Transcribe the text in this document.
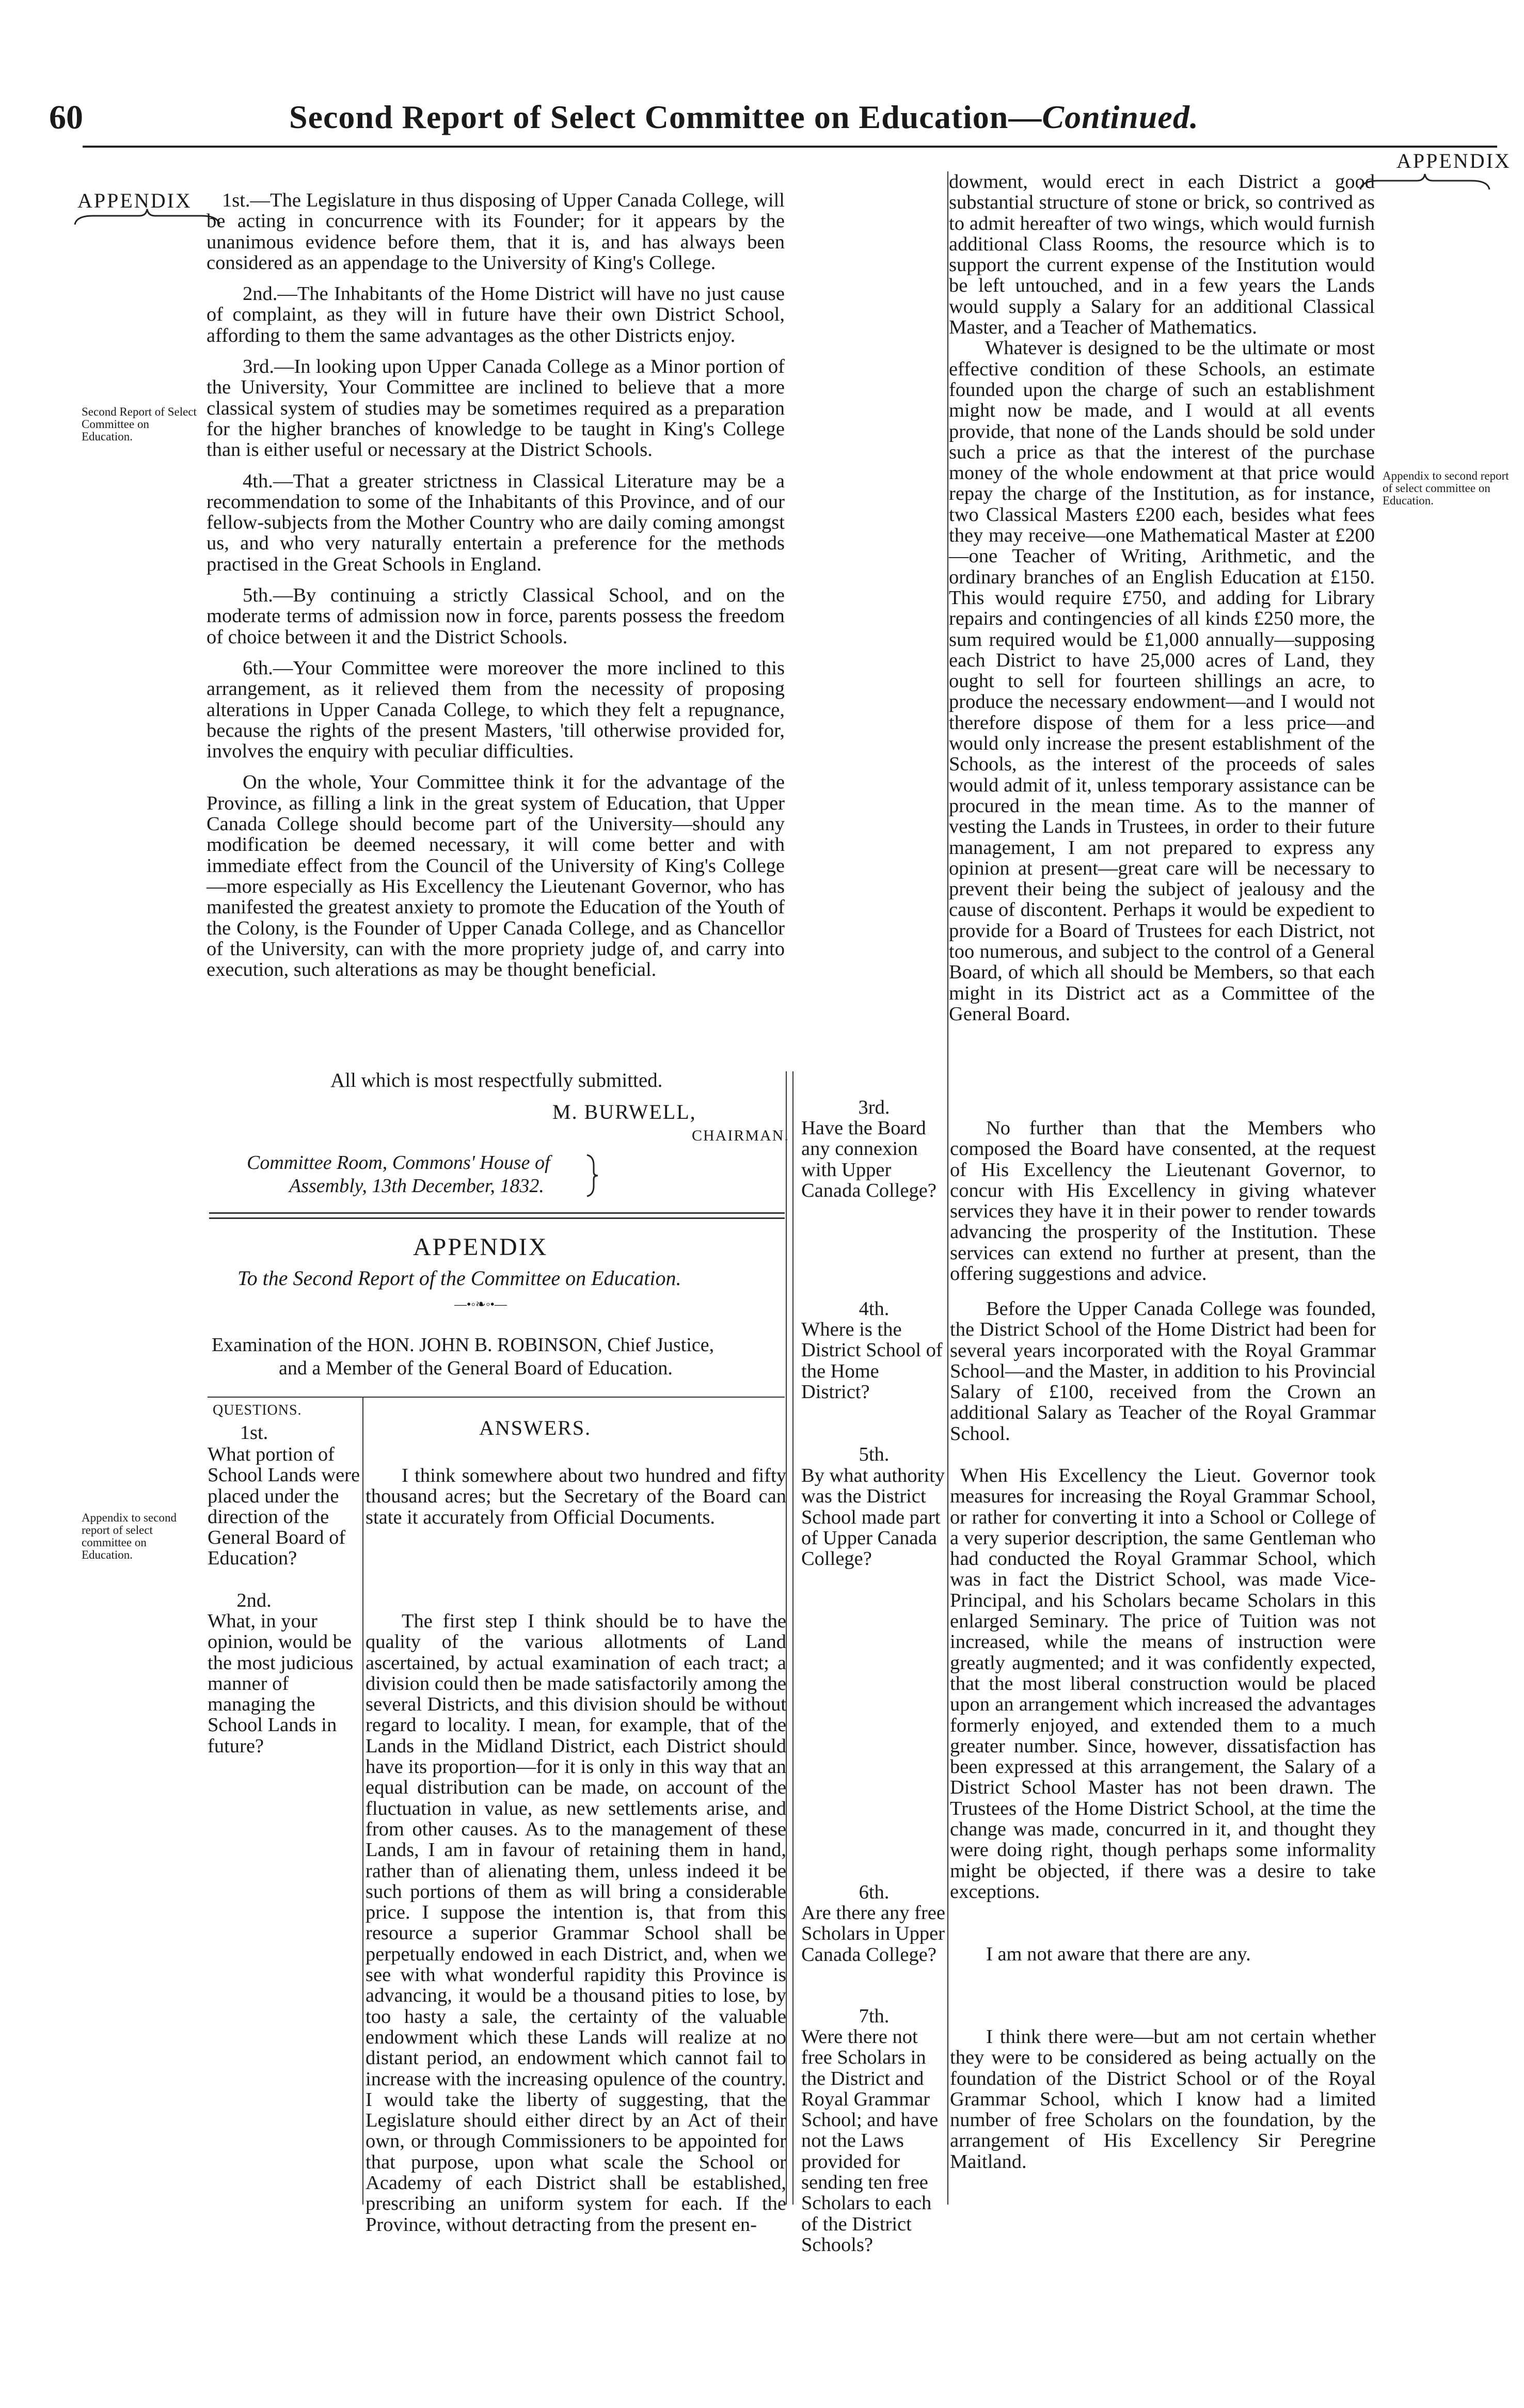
60	Second Report of Select Committee on Education—Continued.
APPENDIX
APPENDIX
Second Report of Select Committee on Education.
Appendix to second report of select committee on Education.
Appendix to second report of select committee on Education.

1st.—The Legislature in thus disposing of Upper Canada College, will be acting in concurrence with its Founder; for it appears by the unanimous evidence before them, that it is, and has always been considered as an appendage to the University of King's College.

2nd.—The Inhabitants of the Home District will have no just cause of complaint, as they will in future have their own District School, affording to them the same advantages as the other Districts enjoy.

3rd.—In looking upon Upper Canada College as a Minor portion of the University, Your Committee are inclined to believe that a more classical system of studies may be sometimes required as a preparation for the higher branches of knowledge to be taught in King's College than is either useful or necessary at the District Schools.

4th.—That a greater strictness in Classical Literature may be a recommendation to some of the Inhabitants of this Province, and of our fellow-subjects from the Mother Country who are daily coming amongst us, and who very naturally entertain a preference for the methods practised in the Great Schools in England.

5th.—By continuing a strictly Classical School, and on the moderate terms of admission now in force, parents possess the freedom of choice between it and the District Schools.

6th.—Your Committee were moreover the more inclined to this arrangement, as it relieved them from the necessity of proposing alterations in Upper Canada College, to which they felt a repugnance, because the rights of the present Masters, 'till otherwise provided for, involves the enquiry with peculiar difficulties.

On the whole, Your Committee think it for the advantage of the Province, as filling a link in the great system of Education, that Upper Canada College should become part of the University—should any modification be deemed necessary, it will come better and with immediate effect from the Council of the University of King's College—more especially as His Excellency the Lieutenant Governor, who has manifested the greatest anxiety to promote the Education of the Youth of the Colony, is the Founder of Upper Canada College, and as Chancellor of the University, can with the more propriety judge of, and carry into execution, such alterations as may be thought beneficial.

All which is most respectfully submitted.
M. BURWELL,
CHAIRMAN.
Committee Room, Commons' House of
Assembly, 13th December, 1832.
APPENDIX
To the Second Report of the Committee on Education.
—•◦❧◦•—
Examination of the HON. JOHN B. ROBINSON, Chief Justice,
and a Member of the General Board of Education.
QUESTIONS.
ANSWERS.
1st.
What portion of School Lands were placed under the direction of the General Board of Education?
I think somewhere about two hundred and fifty thousand acres; but the Secretary of the Board can state it accurately from Official Documents.
2nd.
What, in your opinion, would be the most judicious manner of managing the School Lands in future?
The first step I think should be to have the quality of the various allotments of Land ascertained, by actual examination of each tract; a division could then be made satisfactorily among the several Districts, and this division should be without regard to locality. I mean, for example, that of the Lands in the Midland District, each District should have its proportion—for it is only in this way that an equal distribution can be made, on account of the fluctuation in value, as new settlements arise, and from other causes. As to the management of these Lands, I am in favour of retaining them in hand, rather than of alienating them, unless indeed it be such portions of them as will bring a considerable price. I suppose the intention is, that from this resource a superior Grammar School shall be perpetually endowed in each District, and, when we see with what wonderful rapidity this Province is advancing, it would be a thousand pities to lose, by too hasty a sale, the certainty of the valuable endowment which these Lands will realize at no distant period, an endowment which cannot fail to increase with the increasing opulence of the country. I would take the liberty of suggesting, that the Legislature should either direct by an Act of their own, or through Commissioners to be appointed for that purpose, upon what scale the School or Academy of each District shall be established, prescribing an uniform system for each. If the Province, without detracting from the present en-

dowment, would erect in each District a good substantial structure of stone or brick, so contrived as to admit hereafter of two wings, which would furnish additional Class Rooms, the resource which is to support the current expense of the Institution would be left untouched, and in a few years the Lands would supply a Salary for an additional Classical Master, and a Teacher of Mathematics.

Whatever is designed to be the ultimate or most effective condition of these Schools, an estimate founded upon the charge of such an establishment might now be made, and I would at all events provide, that none of the Lands should be sold under such a price as that the interest of the purchase money of the whole endowment at that price would repay the charge of the Institution, as for instance, two Classical Masters £200 each, besides what fees they may receive—one Mathematical Master at £200—one Teacher of Writing, Arithmetic, and the ordinary branches of an English Education at £150. This would require £750, and adding for Library repairs and contingencies of all kinds £250 more, the sum required would be £1,000 annually—supposing each District to have 25,000 acres of Land, they ought to sell for fourteen shillings an acre, to produce the necessary endowment—and I would not therefore dispose of them for a less price—and would only increase the present establishment of the Schools, as the interest of the proceeds of sales would admit of it, unless temporary assistance can be procured in the mean time. As to the manner of vesting the Lands in Trustees, in order to their future management, I am not prepared to express any opinion at present—great care will be necessary to prevent their being the subject of jealousy and the cause of discontent. Perhaps it would be expedient to provide for a Board of Trustees for each District, not too numerous, and subject to the control of a General Board, of which all should be Members, so that each might in its District act as a Committee of the General Board.

3rd.
Have the Board any connexion with Upper Canada College?
No further than that the Members who composed the Board have consented, at the request of His Excellency the Lieutenant Governor, to concur with His Excellency in giving whatever services they have it in their power to render towards advancing the prosperity of the Institution. These services can extend no further at present, than the offering suggestions and advice.
4th.
Where is the District School of the Home District?
Before the Upper Canada College was founded, the District School of the Home District had been for several years incorporated with the Royal Grammar School—and the Master, in addition to his Provincial Salary of £100, received from the Crown an additional Salary as Teacher of the Royal Grammar School.
5th.
By what authority was the District School made part of Upper Canada College?
When His Excellency the Lieut. Governor took measures for increasing the Royal Grammar School, or rather for converting it into a School or College of a very superior description, the same Gentleman who had conducted the Royal Grammar School, which was in fact the District School, was made Vice-Principal, and his Scholars became Scholars in this enlarged Seminary. The price of Tuition was not increased, while the means of instruction were greatly augmented; and it was confidently expected, that the most liberal construction would be placed upon an arrangement which increased the advantages formerly enjoyed, and extended them to a much greater number. Since, however, dissatisfaction has been expressed at this arrangement, the Salary of a District School Master has not been drawn. The Trustees of the Home District School, at the time the change was made, concurred in it, and thought they were doing right, though perhaps some informality might be objected, if there was a desire to take exceptions.
6th.
Are there any free Scholars in Upper Canada College?	I am not aware that there are any.
7th.
Were there not free Scholars in the District and Royal Grammar School; and have not the Laws provided for sending ten free Scholars to each of the District Schools?
I think there were—but am not certain whether they were to be considered as being actually on the foundation of the District School or of the Royal Grammar School, which I know had a limited number of free Scholars on the foundation, by the arrangement of His Excellency Sir Peregrine Maitland.
